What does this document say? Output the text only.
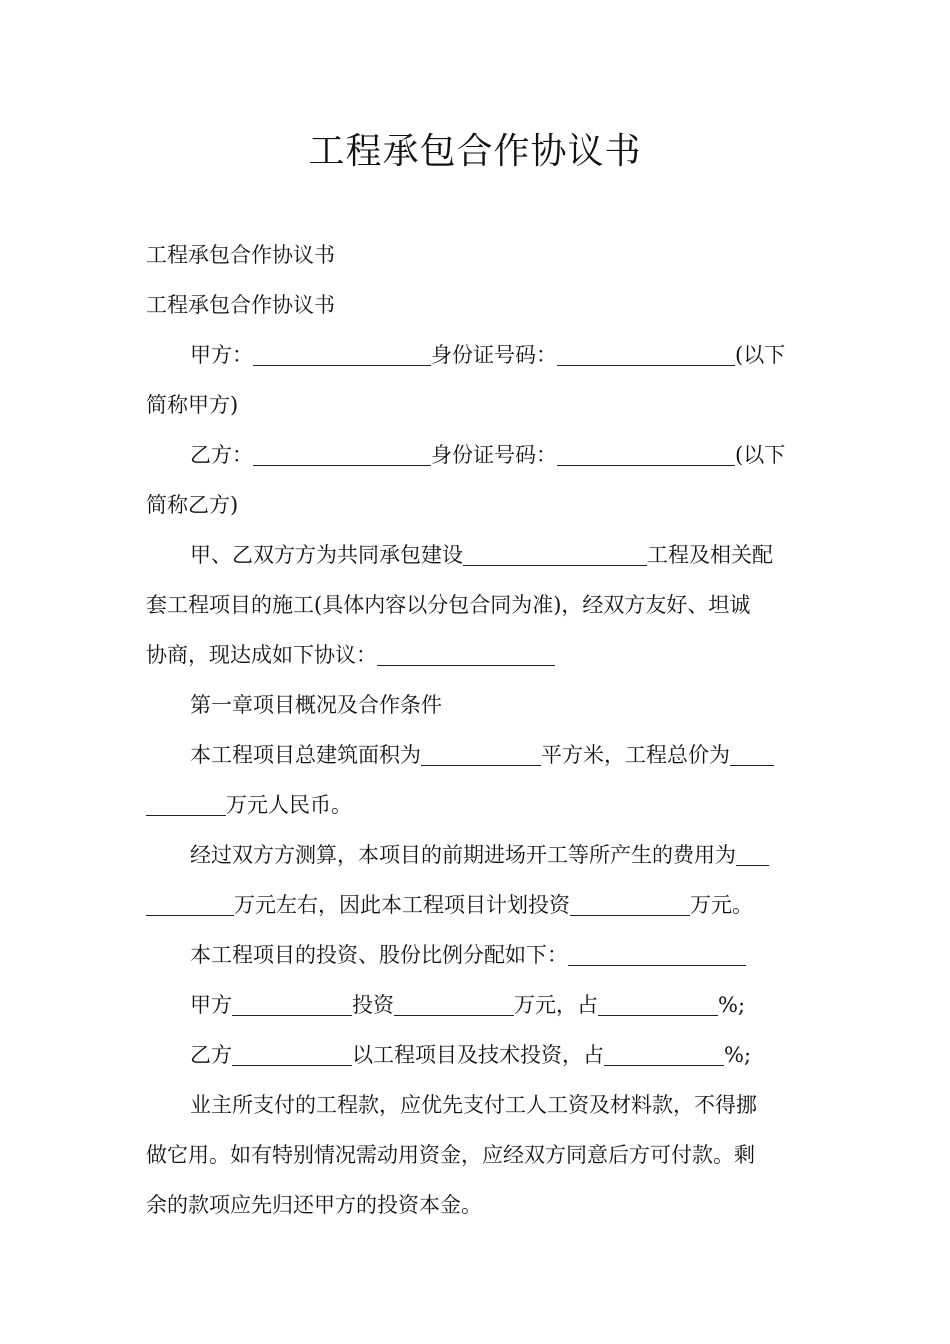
工程承包合作协议书
工程承包合作协议书
工程承包合作协议书
甲方：	身份证号码：	(以下
简称甲方)
乙方：	身份证号码：	(以下
简称乙方)
甲、乙双方方为共同承包建设	工程及相关配
套工程项目的施工(具体内容以分包合同为准)，经双方友好、坦诚
协商，现达成如下协议：
第一章项目概况及合作条件
本工程项目总建筑面积为	平方米，工程总价为
万元人民币。
经过双方方测算，本项目的前期进场开工等所产生的费用为
万元左右，因此本工程项目计划投资	万元。
本工程项目的投资、股份比例分配如下：
甲方	投资	万元，占	%;
乙方	以工程项目及技术投资，占	%;
业主所支付的工程款，应优先支付工人工资及材料款，不得挪
做它用。如有特别情况需动用资金，应经双方同意后方可付款。剩
余的款项应先归还甲方的投资本金。
